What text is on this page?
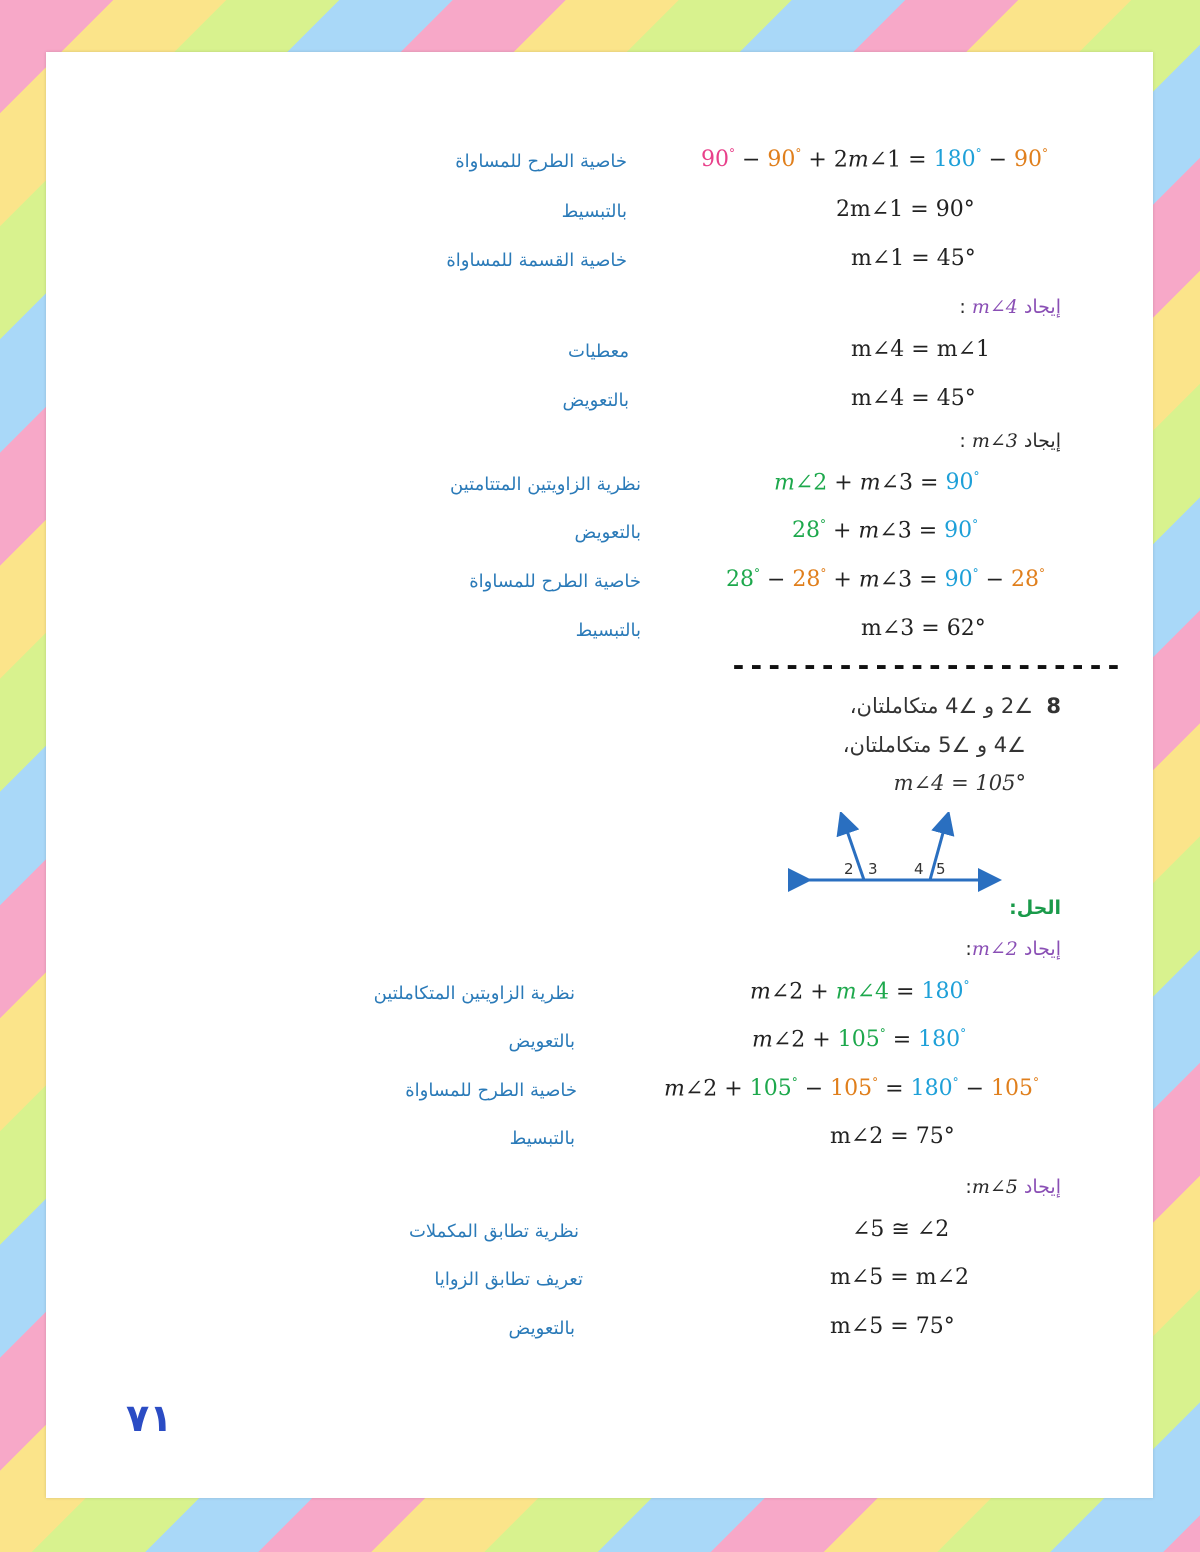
90° − 90° + 2m∠1 = 180° − 90°
خاصية الطرح للمساواة
2m∠1 = 90°
بالتبسيط
m∠1 = 45°
خاصية القسمة للمساواة
إيجاد m∠4 :
m∠4 = m∠1
معطيات
m∠4 = 45°
بالتعويض
إيجاد m∠3 :
m∠2 + m∠3 = 90°
نظرية الزاويتين المتتامتين
28° + m∠3 = 90°
بالتعويض
28° − 28° + m∠3 = 90° − 28°
خاصية الطرح للمساواة
m∠3 = 62°
بالتبسيط
----------------------
8 ∠2 و ∠4 متكاملتان،
∠4 و ∠5 متكاملتان،
m∠4 = 105°
2 3 4 5
الحل:
إيجاد m∠2:
m∠2 + m∠4 = 180°
نظرية الزاويتين المتكاملتين
m∠2 + 105° = 180°
بالتعويض
m∠2 + 105° − 105° = 180° − 105°
خاصية الطرح للمساواة
m∠2 = 75°
بالتبسيط
إيجاد m∠5:
∠5 ≅ ∠2
نظرية تطابق المكملات
m∠5 = m∠2
تعريف تطابق الزوايا
m∠5 = 75°
بالتعويض
٧١
